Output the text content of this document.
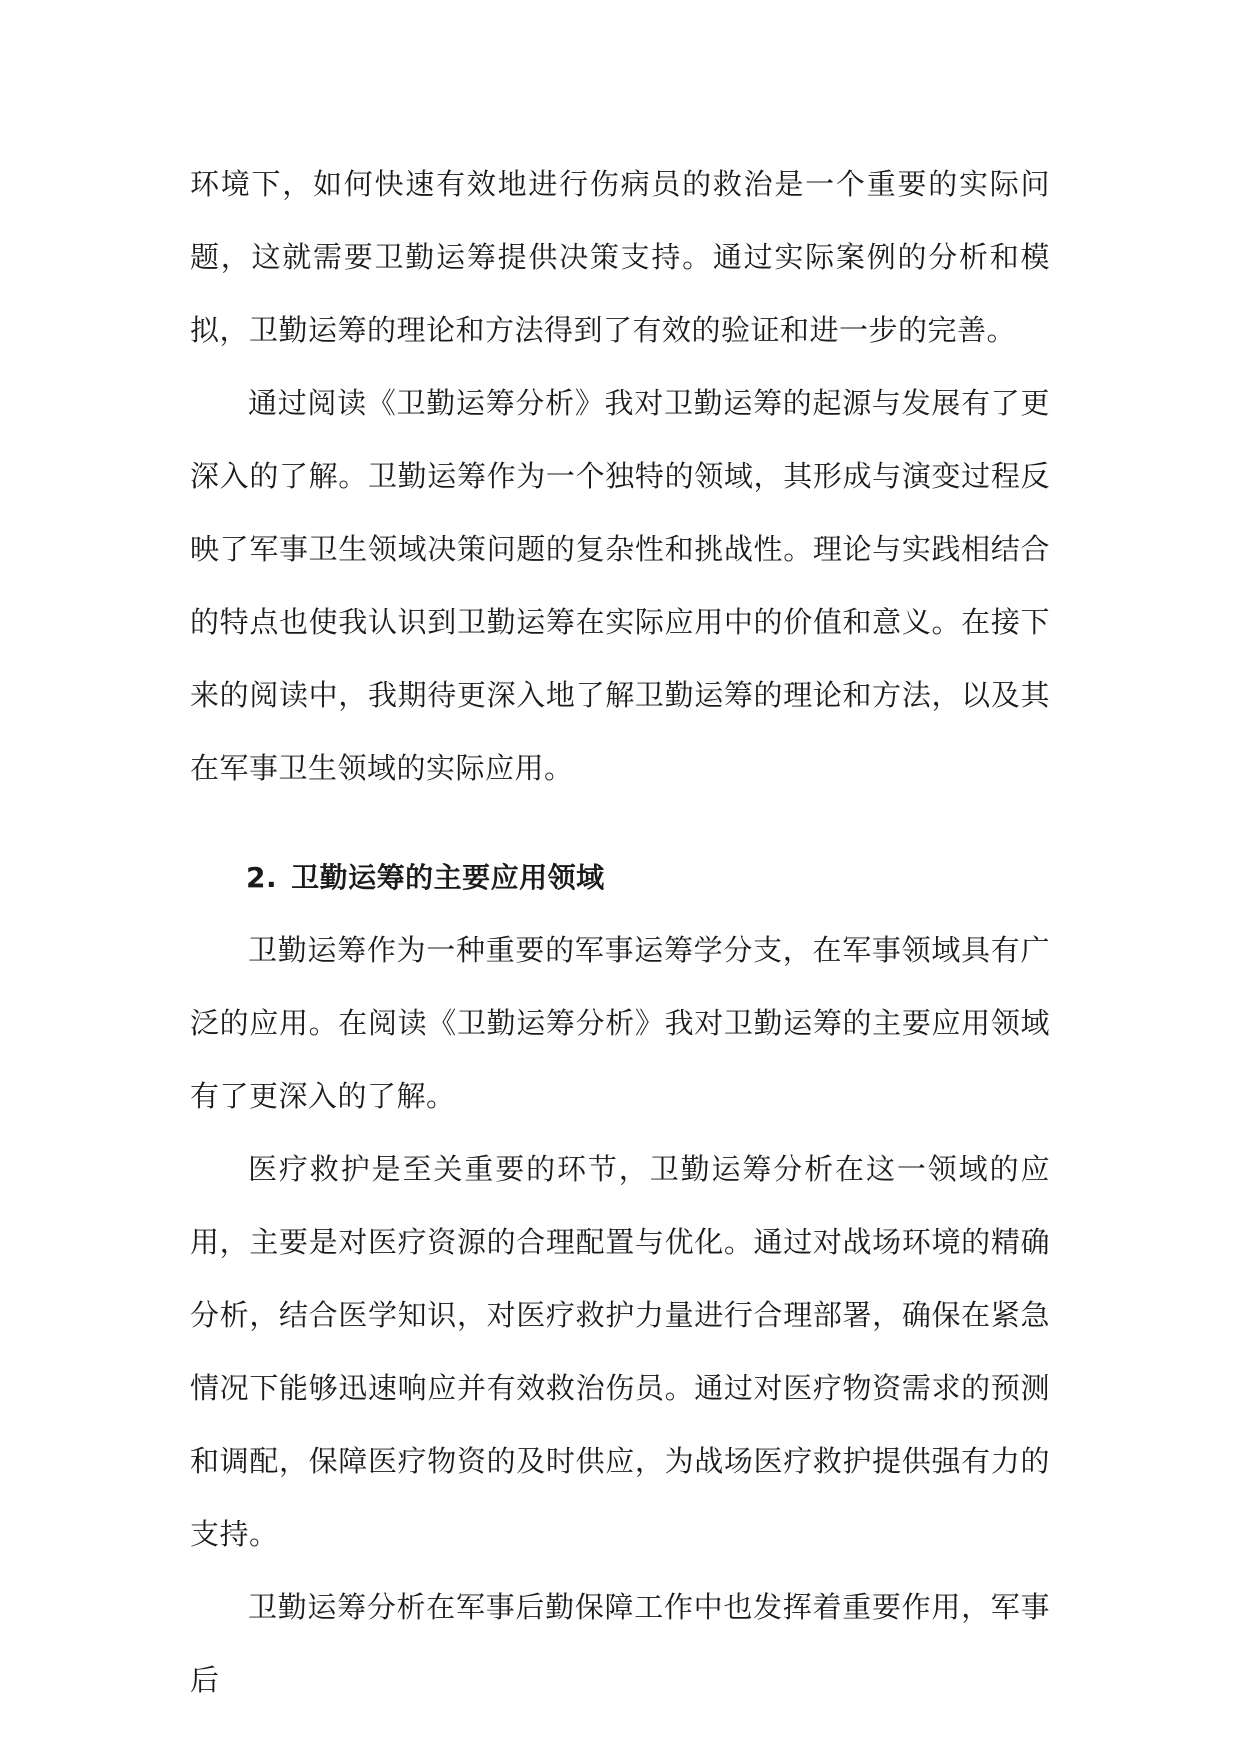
环境下，如何快速有效地进行伤病员的救治是一个重要的实际问题，这就需要卫勤运筹提供决策支持。通过实际案例的分析和模拟，卫勤运筹的理论和方法得到了有效的验证和进一步的完善。

通过阅读《卫勤运筹分析》我对卫勤运筹的起源与发展有了更深入的了解。卫勤运筹作为一个独特的领域，其形成与演变过程反映了军事卫生领域决策问题的复杂性和挑战性。理论与实践相结合的特点也使我认识到卫勤运筹在实际应用中的价值和意义。在接下来的阅读中，我期待更深入地了解卫勤运筹的理论和方法，以及其在军事卫生领域的实际应用。

2. 卫勤运筹的主要应用领域

卫勤运筹作为一种重要的军事运筹学分支，在军事领域具有广泛的应用。在阅读《卫勤运筹分析》我对卫勤运筹的主要应用领域有了更深入的了解。

医疗救护是至关重要的环节，卫勤运筹分析在这一领域的应用，主要是对医疗资源的合理配置与优化。通过对战场环境的精确分析，结合医学知识，对医疗救护力量进行合理部署，确保在紧急情况下能够迅速响应并有效救治伤员。通过对医疗物资需求的预测和调配，保障医疗物资的及时供应，为战场医疗救护提供强有力的支持。

卫勤运筹分析在军事后勤保障工作中也发挥着重要作用，军事后
